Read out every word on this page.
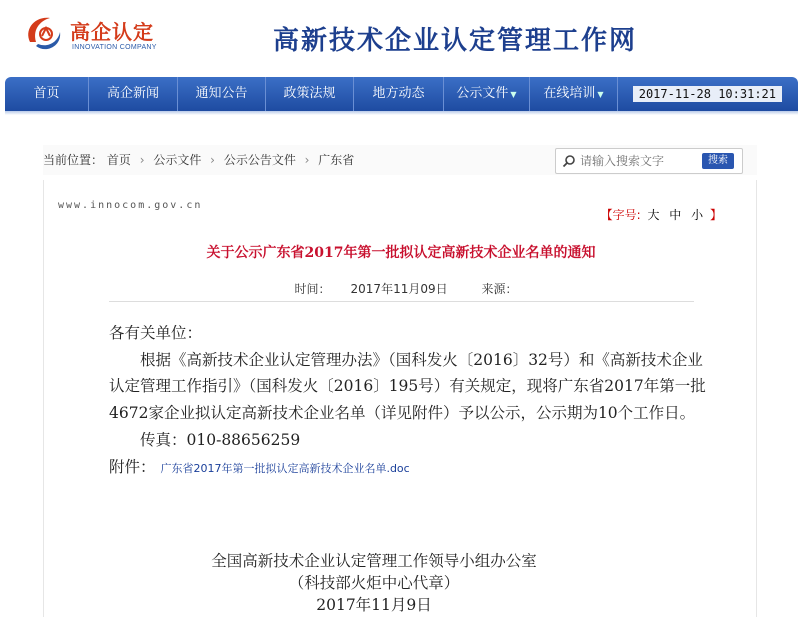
高企认定
INNOVATION COMPANY	高新技术企业认定管理工作网
首页	高企新闻	通知公告	政策法规	地方动态	公示文件 ▼	在线培训 ▼	2017-11-28 10:31:21
当前位置： 首页 › 公示文件 › 公示公告文件 › 广东省
请输入搜索文字	搜索
www.innocom.gov.cn
【字号: 大 中 小 】
关于公示广东省2017年第一批拟认定高新技术企业名单的通知
时间： 2017年11月09日	来源：

各有关单位：

根据《高新技术企业认定管理办法》（国科发火〔2016〕32号）和《高新技术企业认定管理工作指引》（国科发火〔2016〕195号）有关规定，现将广东省2017年第一批4672家企业拟认定高新技术企业名单（详见附件）予以公示，公示期为10个工作日。

传真：010-88656259

附件： 广东省2017年第一批拟认定高新技术企业名单.doc

全国高新技术企业认定管理工作领导小组办公室
（科技部火炬中心代章）
2017年11月9日
